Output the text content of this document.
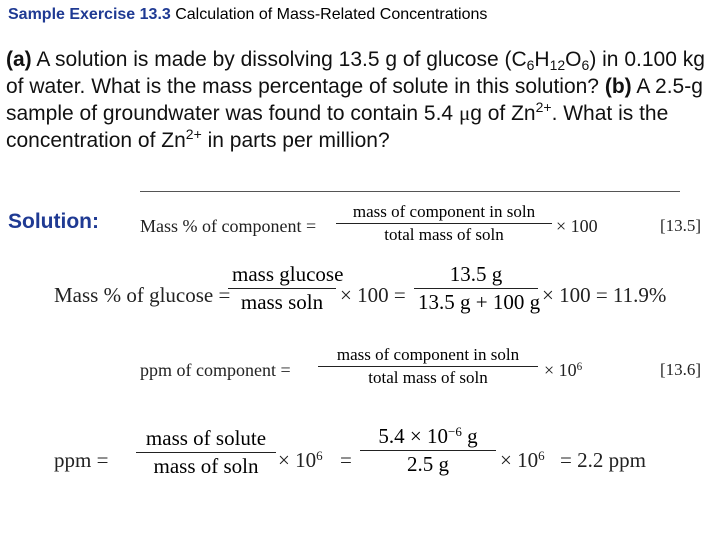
Sample Exercise 13.3 Calculation of Mass-Related Concentrations
(a) A solution is made by dissolving 13.5 g of glucose $(C_6H_{12}O_6)$ in 0.100 kg of water. What is the mass percentage of solute in this solution? (b) A 2.5-g sample of groundwater was found to contain 5.4 μg of $Zn^{2+}$. What is the concentration of $Zn^{2+}$ in parts per million?
Solution: Mass % of component =
mass of component in soln
total mass of soln	× 100	[13.5]
Mass % of glucose =
mass glucose
mass $soln \times 100 = \frac{13.5 g}{13.5 g + 100 g} \times 100 = 11.9\%$
ppm of component =
mass of component in soln
total mass of soln	× $10^6$	[13.6]
ppm =
mass of solute
mass of $soln \times 10^6 = \frac{5.4 \times 10^{-6} g}{2.5 g} \times 10^6 = 2.2$ ppm
